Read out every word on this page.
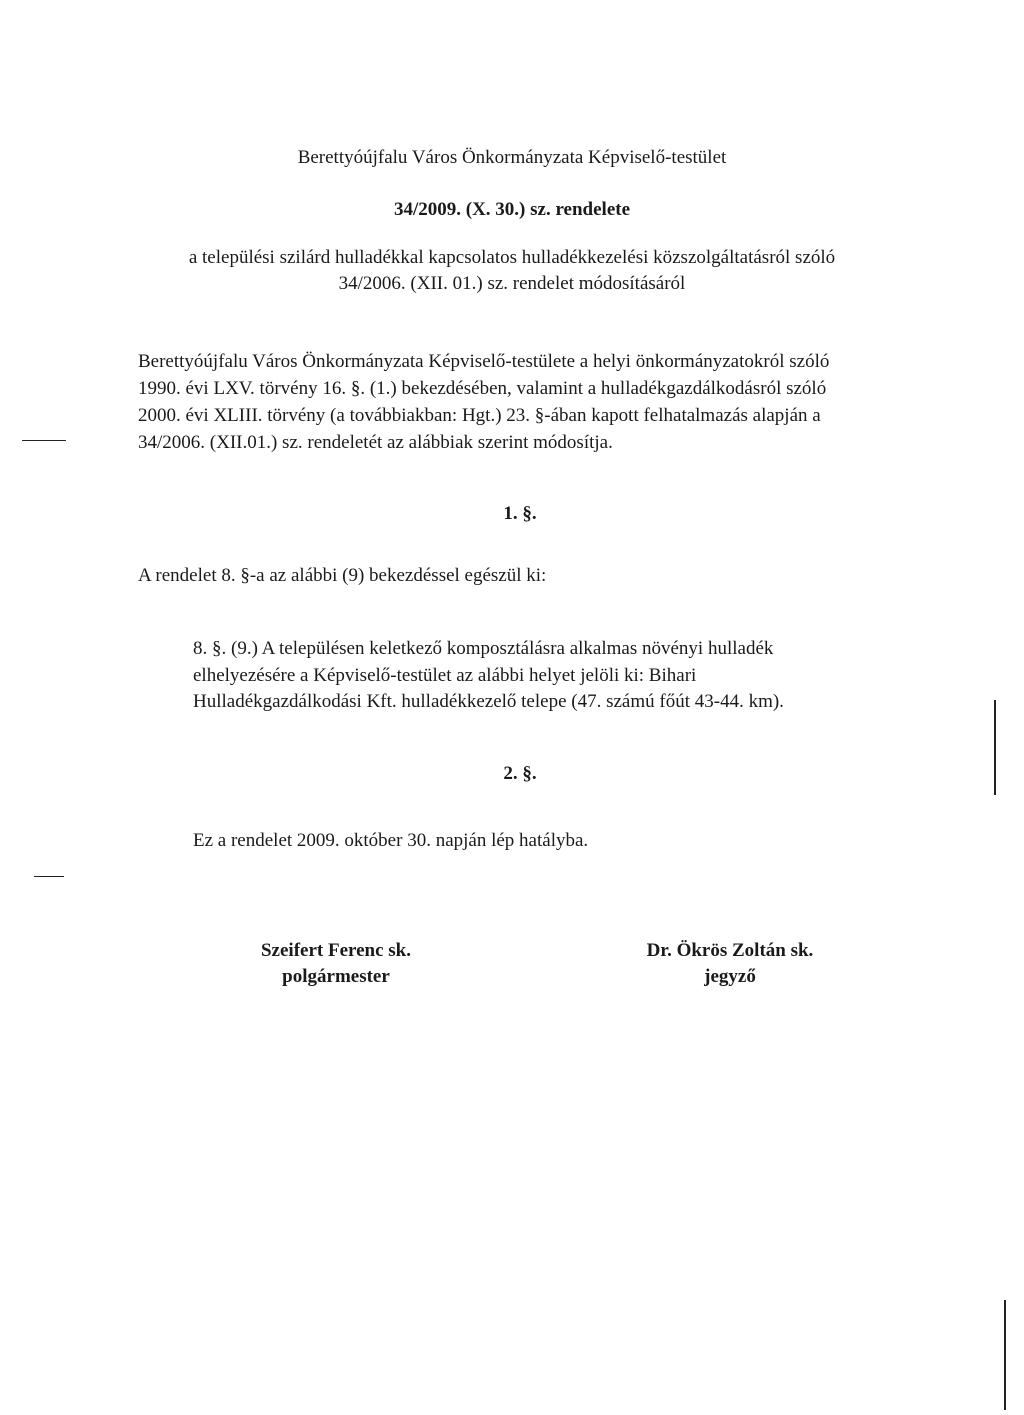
Berettyóújfalu Város Önkormányzata Képviselő-testület
34/2009. (X. 30.) sz. rendelete
a települési szilárd hulladékkal kapcsolatos hulladékkezelési közszolgáltatásról szóló
34/2006. (XII. 01.) sz. rendelet módosításáról
Berettyóújfalu Város Önkormányzata Képviselő-testülete a helyi önkormányzatokról szóló
1990. évi LXV. törvény 16. §. (1.) bekezdésében, valamint a hulladékgazdálkodásról szóló
2000. évi XLIII. törvény (a továbbiakban: Hgt.) 23. §-ában kapott felhatalmazás alapján a
34/2006. (XII.01.) sz. rendeletét az alábbiak szerint módosítja.
1. §.
A rendelet 8. §-a az alábbi (9) bekezdéssel egészül ki:
8. §. (9.) A településen keletkező komposztálásra alkalmas növényi hulladék
elhelyezésére a Képviselő-testület az alábbi helyet jelöli ki: Bihari
Hulladékgazdálkodási Kft. hulladékkezelő telepe (47. számú főút 43-44. km).
2. §.
Ez a rendelet 2009. október 30. napján lép hatályba.
Szeifert Ferenc sk.
polgármester
Dr. Ökrös Zoltán sk.
jegyző
